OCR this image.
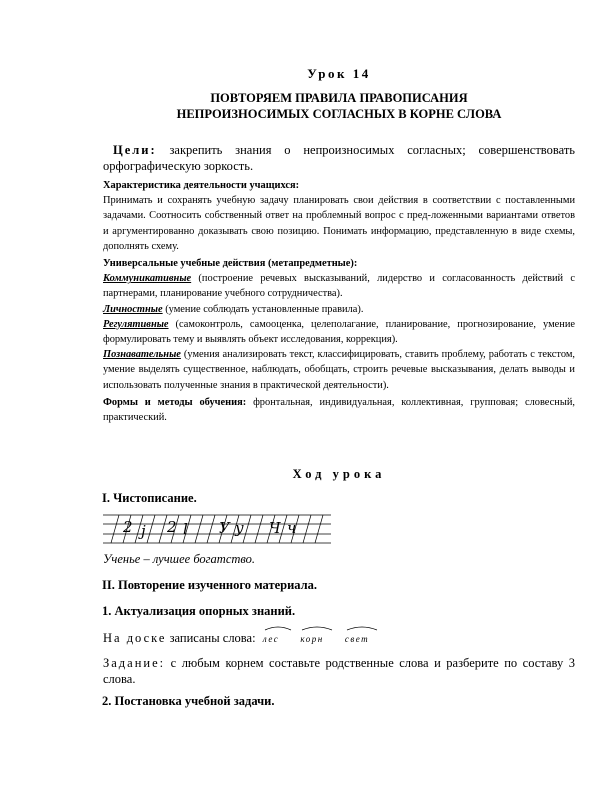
Урок 14
ПОВТОРЯЕМ ПРАВИЛА ПРАВОПИСАНИЯ
НЕПРОИЗНОСИМЫХ СОГЛАСНЫХ В КОРНЕ СЛОВА
Цели: закрепить знания о непроизносимых согласных; совершенствовать орфографическую зоркость.
Характеристика деятельности учащихся:
Принимать и сохранять учебную задачу планировать свои действия в соответствии с поставленными задачами. Соотносить собственный ответ на проблемный вопрос с пред-ложенными вариантами ответов и аргументированно доказывать свою позицию. Понимать информацию, представленную в виде схемы, дополнять схему.
Универсальные учебные действия (метапредметные):
Коммуникативные (построение речевых высказываний, лидерство и согласованность действий с партнерами, планирование учебного сотрудничества).
Личностные (умение соблюдать установленные правила).
Регулятивные (самоконтроль, самооценка, целеполагание, планирование, прогнозирование, умение формулировать тему и выявлять объект исследования, коррекция).
Познавательные (умения анализировать текст, классифицировать, ставить проблему, работать с текстом, умение выделять существенное, наблюдать, обобщать, строить речевые высказывания, делать выводы и использовать полученные знания в практической деятельности).
Формы и методы обучения: фронтальная, индивидуальная, коллективная, групповая; словесный, практический.
Ход урока
I. Чистописание.
2 j 2 l У у Ч ч
Ученье – лучшее богатство.
II. Повторение изученного материала.
1. Актуализация опорных знаний.
На доске записаны слова: лес корн свет
Задание: с любым корнем составьте родственные слова и разберите по составу 3 слова.
2. Постановка учебной задачи.
